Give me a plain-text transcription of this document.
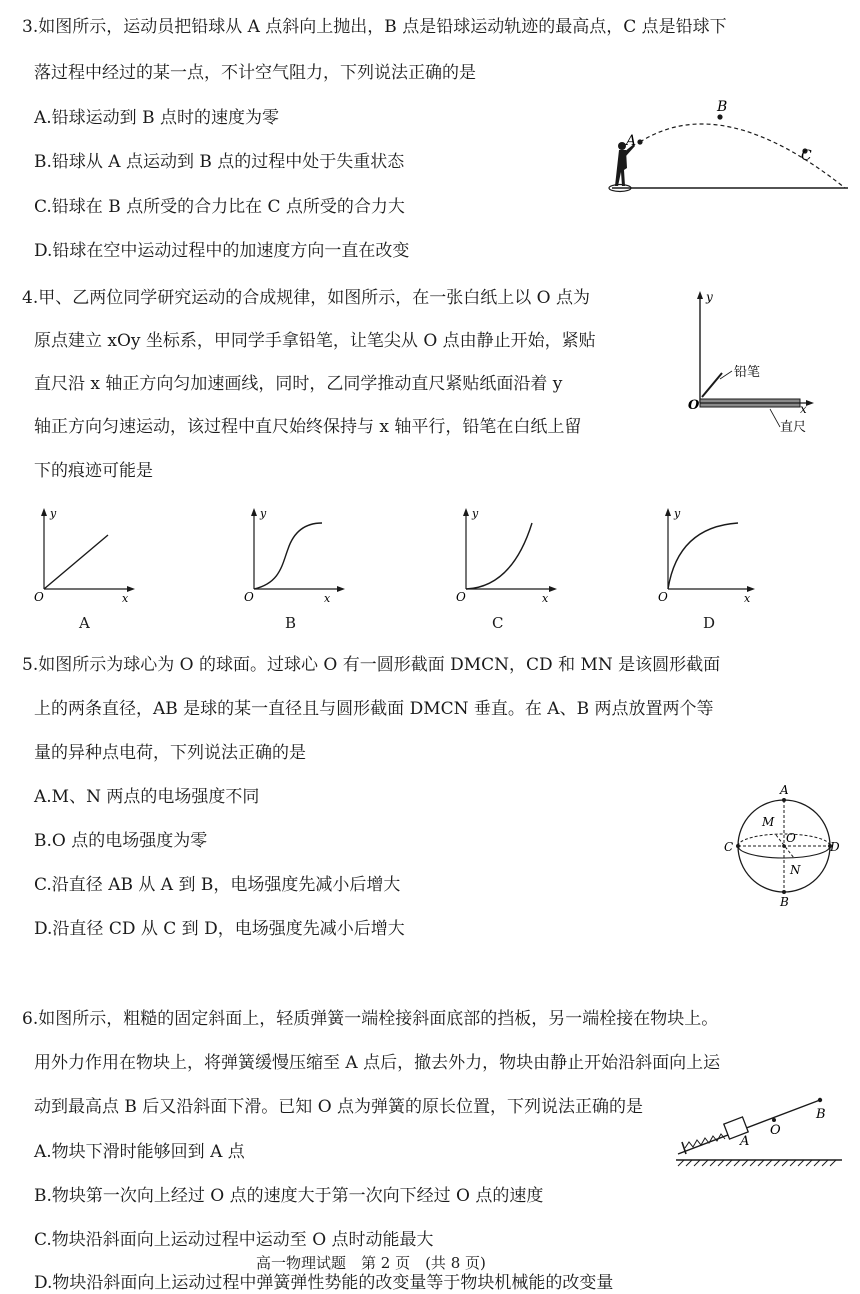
3.如图所示，运动员把铅球从 A 点斜向上抛出，B 点是铅球运动轨迹的最高点，C 点是铅球下
落过程中经过的某一点，不计空气阻力，下列说法正确的是
A.铅球运动到 B 点时的速度为零
B.铅球从 A 点运动到 B 点的过程中处于失重状态
C.铅球在 B 点所受的合力比在 C 点所受的合力大
D.铅球在空中运动过程中的加速度方向一直在改变
A
B
C
4.甲、乙两位同学研究运动的合成规律，如图所示，在一张白纸上以 O 点为
原点建立 xOy 坐标系，甲同学手拿铅笔，让笔尖从 O 点由静止开始，紧贴
直尺沿 x 轴正方向匀加速画线，同时，乙同学推动直尺紧贴纸面沿着 y
轴正方向匀速运动，该过程中直尺始终保持与 x 轴平行，铅笔在白纸上留
下的痕迹可能是
y
x
O
铅笔
直尺
y
x
O
A
y
x
O
B
y
x
O
C
y
x
O
D
5.如图所示为球心为 O 的球面。过球心 O 有一圆形截面 DMCN，CD 和 MN 是该圆形截面
上的两条直径，AB 是球的某一直径且与圆形截面 DMCN 垂直。在 A、B 两点放置两个等
量的异种点电荷，下列说法正确的是
A.M、N 两点的电场强度不同
B.O 点的电场强度为零
C.沿直径 AB 从 A 到 B，电场强度先减小后增大
D.沿直径 CD 从 C 到 D，电场强度先减小后增大
A
B
C	D
M
N
O
6.如图所示，粗糙的固定斜面上，轻质弹簧一端栓接斜面底部的挡板，另一端栓接在物块上。
用外力作用在物块上，将弹簧缓慢压缩至 A 点后，撤去外力，物块由静止开始沿斜面向上运
动到最高点 B 后又沿斜面下滑。已知 O 点为弹簧的原长位置，下列说法正确的是
A.物块下滑时能够回到 A 点
B.物块第一次向上经过 O 点的速度大于第一次向下经过 O 点的速度
C.物块沿斜面向上运动过程中运动至 O 点时动能最大
D.物块沿斜面向上运动过程中弹簧弹性势能的改变量等于物块机械能的改变量
A
O
B
高一物理试题　第 2 页　(共 8 页)
